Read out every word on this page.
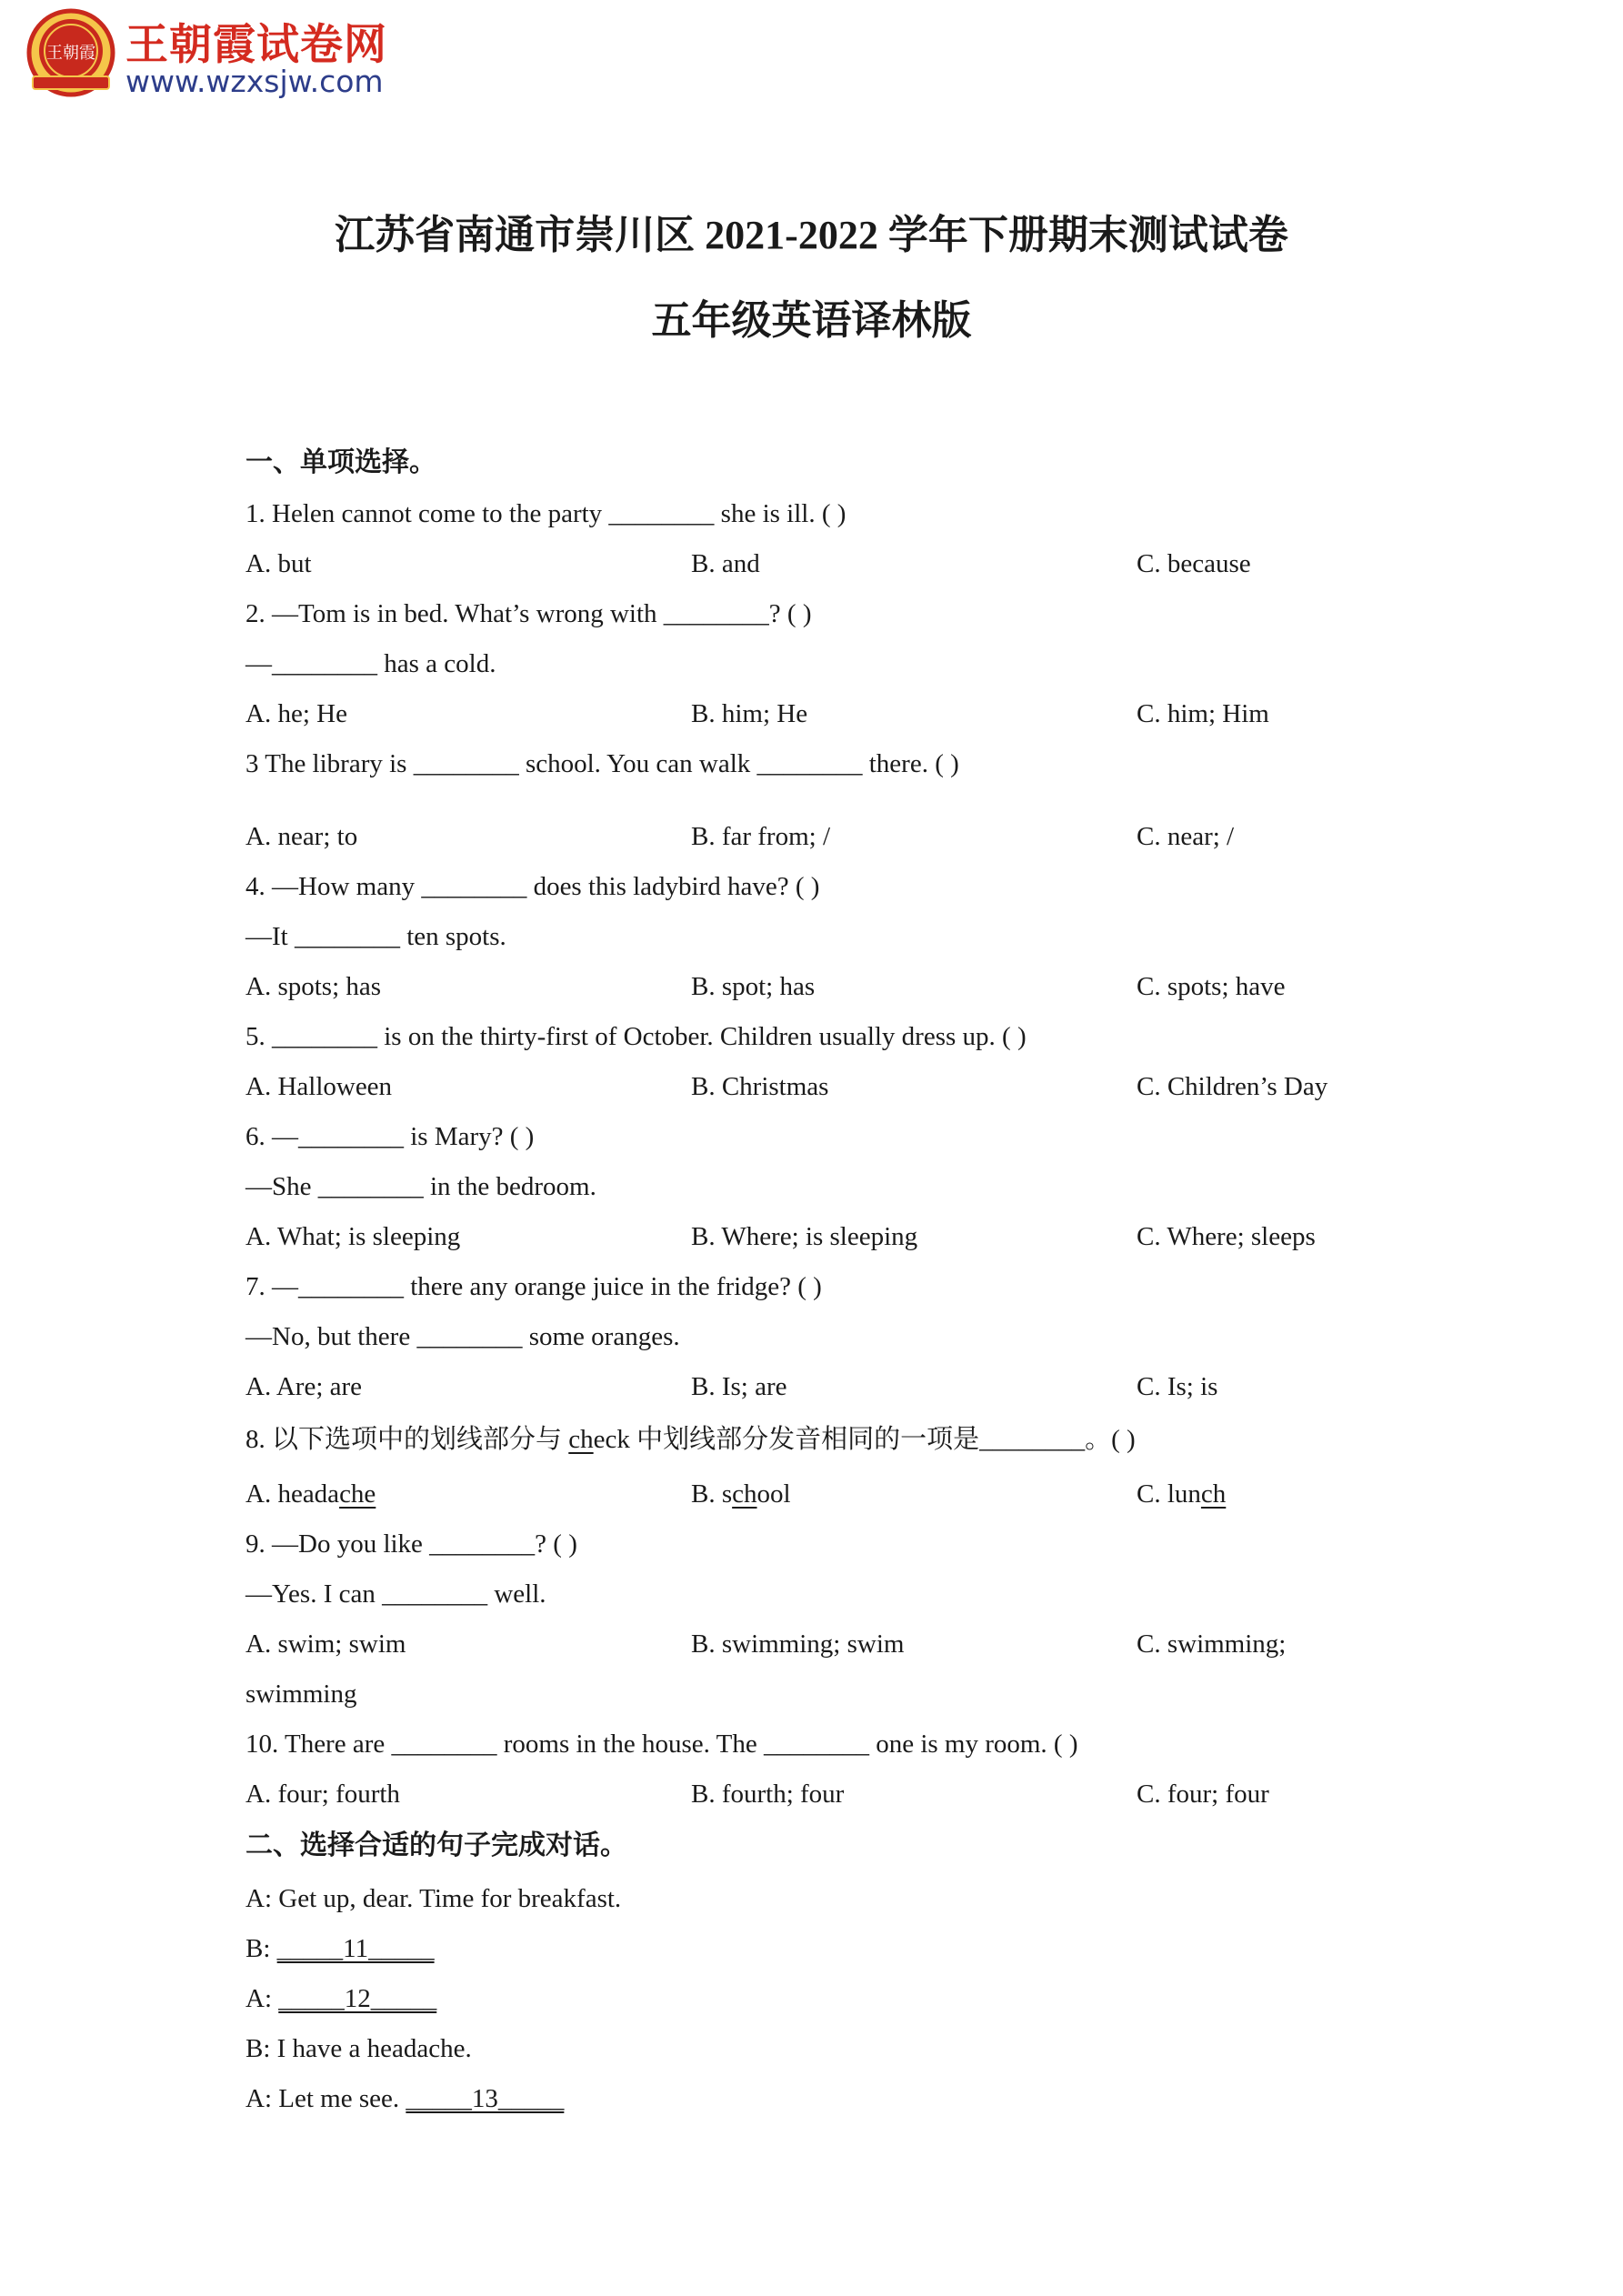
王朝霞 王朝霞试卷网
www.wzxsjw.com
江苏省南通市崇川区 2021-2022 学年下册期末测试试卷
五年级英语译林版
一、单项选择。
1. Helen cannot come to the party ________ she is ill. ( )
A. but	B. and	C. because
2. —Tom is in bed. What’s wrong with ________? ( )
—________ has a cold.
A. he; He	B. him; He	C. him; Him
3 The library is ________ school. You can walk ________ there. ( )
A. near; to	B. far from; /	C. near; /
4. —How many ________ does this ladybird have? ( )
—It ________ ten spots.
A. spots; has	B. spot; has	C. spots; have
5. ________ is on the thirty-first of October. Children usually dress up. ( )
A. Halloween	B. Christmas	C. Children’s Day
6. —________ is Mary? ( )
—She ________ in the bedroom.
A. What; is sleeping	B. Where; is sleeping	C. Where; sleeps
7. —________ there any orange juice in the fridge? ( )
—No, but there ________ some oranges.
A. Are; are	B. Is; are	C. Is; is
8. 以下选项中的划线部分与 check 中划线部分发音相同的一项是________。( )
A. headache	B. school	C. lunch
9. —Do you like ________? ( )
—Yes. I can ________ well.
A. swim; swim	B. swimming; swim	C. swimming;
swimming
10. There are ________ rooms in the house. The ________ one is my room. ( )
A. four; fourth	B. fourth; four	C. four; four
二、选择合适的句子完成对话。
A: Get up, dear. Time for breakfast.
B: _____11_____
A: _____12_____
B: I have a headache.
A: Let me see. _____13_____
